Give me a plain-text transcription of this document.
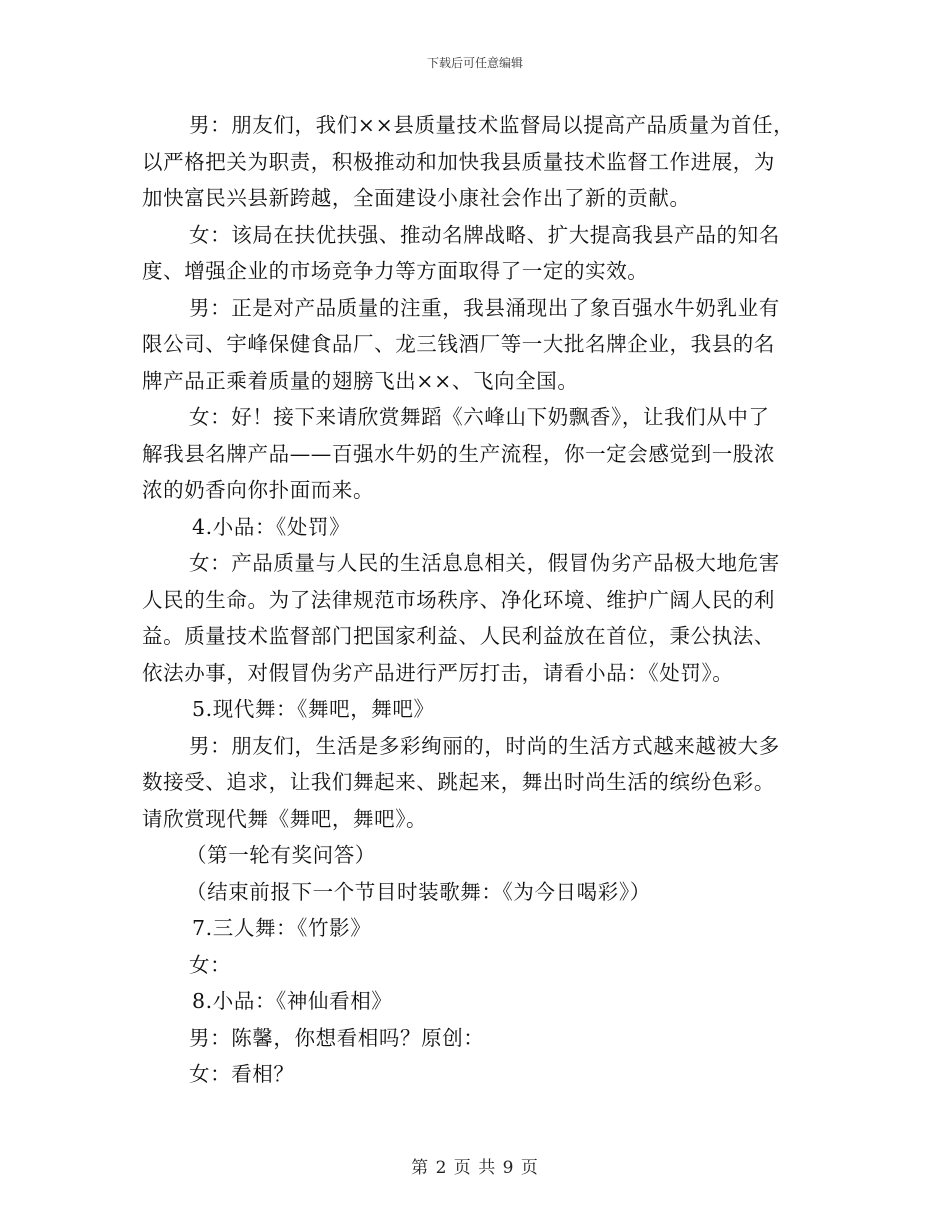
下载后可任意编辑

男：朋友们，我们××县质量技术监督局以提高产品质量为首任，

以严格把关为职责，积极推动和加快我县质量技术监督工作进展，为

加快富民兴县新跨越，全面建设小康社会作出了新的贡献。

女：该局在扶优扶强、推动名牌战略、扩大提高我县产品的知名

度、增强企业的市场竞争力等方面取得了一定的实效。

男：正是对产品质量的注重，我县涌现出了象百强水牛奶乳业有

限公司、宇峰保健食品厂、龙三钱酒厂等一大批名牌企业，我县的名

牌产品正乘着质量的翅膀飞出××、飞向全国。

女：好！接下来请欣赏舞蹈《六峰山下奶飘香》，让我们从中了

解我县名牌产品——百强水牛奶的生产流程，你一定会感觉到一股浓

浓的奶香向你扑面而来。

4.小品：《处罚》

女：产品质量与人民的生活息息相关，假冒伪劣产品极大地危害

人民的生命。为了法律规范市场秩序、净化环境、维护广阔人民的利

益。质量技术监督部门把国家利益、人民利益放在首位，秉公执法、

依法办事，对假冒伪劣产品进行严厉打击，请看小品：《处罚》。

5.现代舞：《舞吧，舞吧》

男：朋友们，生活是多彩绚丽的，时尚的生活方式越来越被大多

数接受、追求，让我们舞起来、跳起来，舞出时尚生活的缤纷色彩。

请欣赏现代舞《舞吧，舞吧》。

（第一轮有奖问答）

（结束前报下一个节目时装歌舞：《为今日喝彩》）

7.三人舞：《竹影》

女：

8.小品：《神仙看相》

男：陈馨，你想看相吗？原创：

女：看相？

第 2 页 共 9 页
